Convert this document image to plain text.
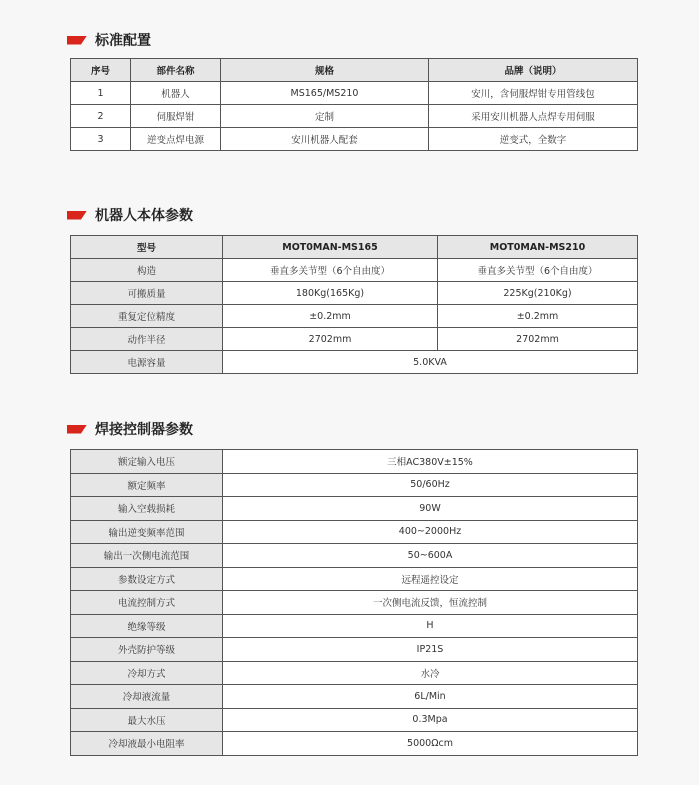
标准配置
序号	部件名称	规格	品牌（说明）
1	机器人	MS165/MS210	安川，含伺服焊钳专用管线包
2	伺服焊钳	定制	采用安川机器人点焊专用伺服
3	逆变点焊电源	安川机器人配套	逆变式，全数字
机器人本体参数
型号	MOT0MAN-MS165	MOT0MAN-MS210
构造	垂直多关节型（6个自由度）	垂直多关节型（6个自由度）
可搬质量	180Kg(165Kg)	225Kg(210Kg)
重复定位精度	±0.2mm	±0.2mm
动作半径	2702mm	2702mm
电源容量	5.0KVA	
焊接控制器参数
额定输入电压	三相AC380V±15%
额定频率	50/60Hz
输入空载损耗	90W
输出逆变频率范围	400~2000Hz
输出一次侧电流范围	50~600A
参数设定方式	远程遥控设定
电流控制方式	一次侧电流反馈，恒流控制
绝缘等级	H
外壳防护等级	IP21S
冷却方式	水冷
冷却液流量	6L/Min
最大水压	0.3Mpa
冷却液最小电阻率	5000Ωcm
